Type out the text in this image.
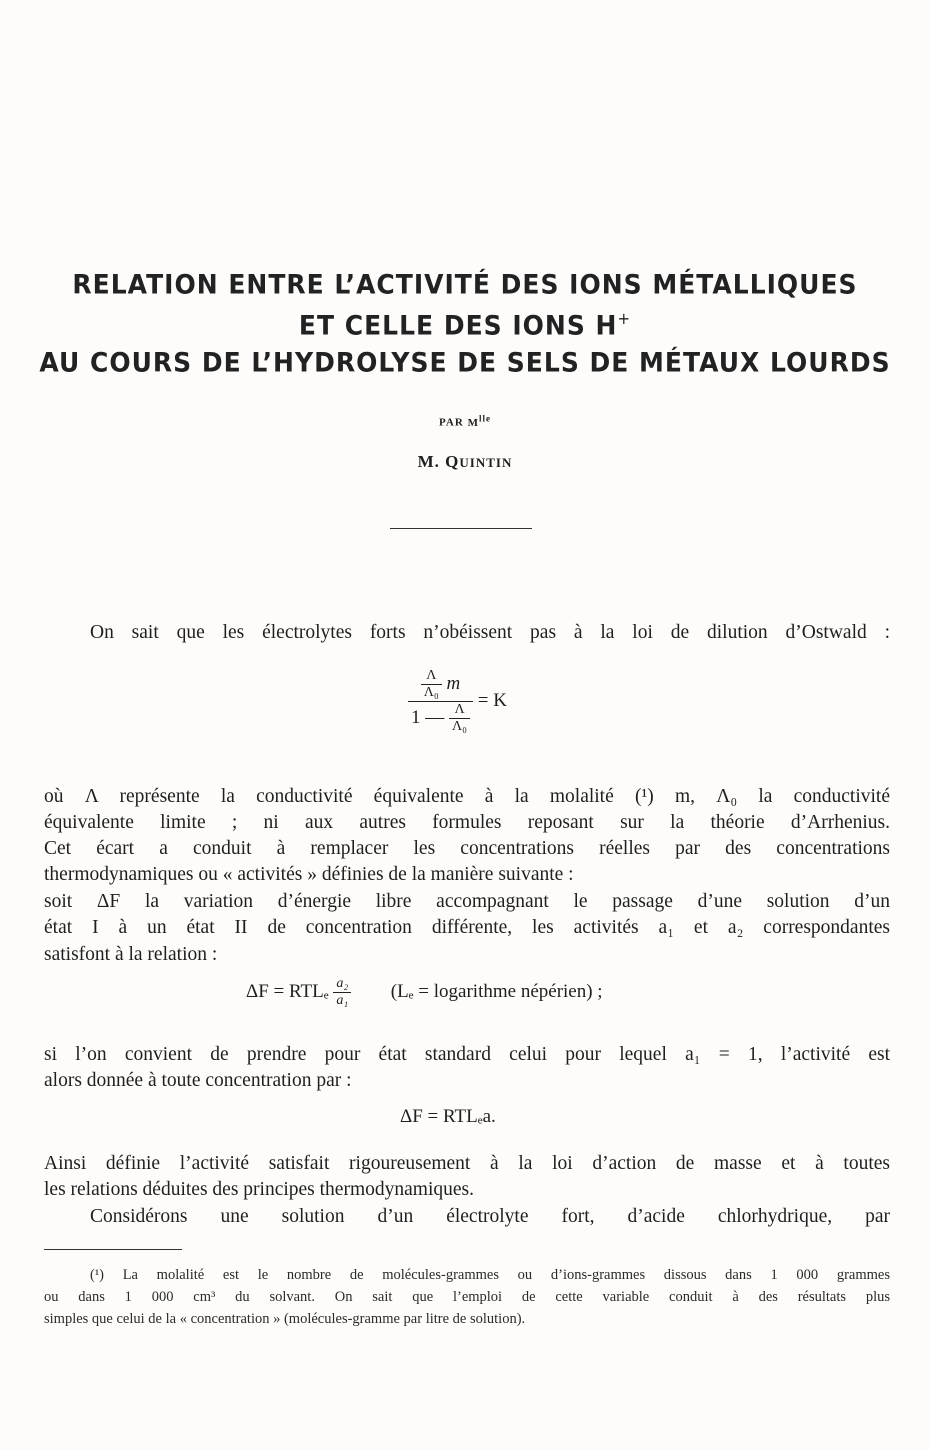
RELATION ENTRE L’ACTIVITÉ DES IONS MÉTALLIQUES
ET CELLE DES IONS H+
AU COURS DE L’HYDROLYSE DE SELS DE MÉTAUX LOURDS
PAR $M^{lle}$
M. QUINTIN
On sait que les électrolytes forts n’obéissent pas à la loi de dilution d’Ostwald :
$\frac{\frac{\Lambda}{\text{Λ₀}} m}{1 — \frac{\Lambda}{\text{Λ₀}}} = K$
où Λ représente la conductivité équivalente à la molalité (¹) m, Λ₀ la conductivité
équivalente limite ; ni aux autres formules reposant sur la théorie d’Arrhenius.
Cet écart a conduit à remplacer les concentrations réelles par des concentrations
thermodynamiques ou « activités » définies de la manière suivante :
soit ΔF la variation d’énergie libre accompagnant le passage d’une solution d’un
état I à un état II de concentration différente, les activités a₁ et a₂ correspondantes
satisfont à la relation :
ΔF = RTLₑ $\frac{\text{a₂}}{\text{a₁}} (L_e$ = logarithme népérien) ;
si l’on convient de prendre pour état standard celui pour lequel a₁ = 1, l’activité est
alors donnée à toute concentration par :
ΔF = RTLₑa.
Ainsi définie l’activité satisfait rigoureusement à la loi d’action de masse et à toutes
les relations déduites des principes thermodynamiques.
Considérons une solution d’un électrolyte fort, d’acide chlorhydrique, par
(¹) La molalité est le nombre de molécules-grammes ou d’ions-grammes dissous dans 1 000 grammes
ou dans 1 000 cm³ du solvant. On sait que l’emploi de cette variable conduit à des résultats plus
simples que celui de la « concentration » (molécules-gramme par litre de solution).
